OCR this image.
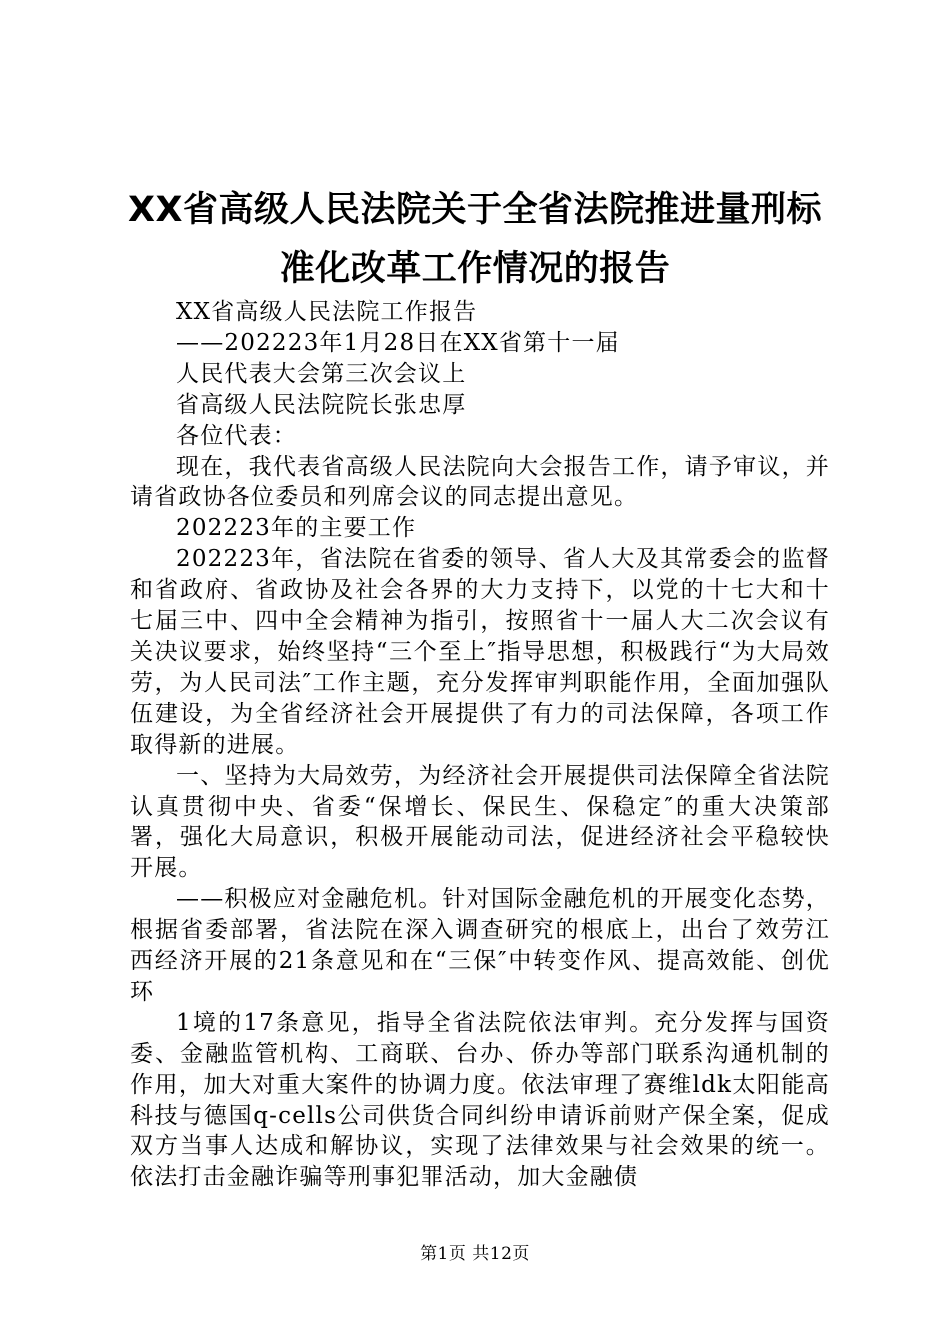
XX省高级人民法院关于全省法院推进量刑标
准化改革工作情况的报告

XX省高级人民法院工作报告

——202223年1月28日在XX省第十一届

人民代表大会第三次会议上

省高级人民法院院长张忠厚

各位代表：

现在，我代表省高级人民法院向大会报告工作，请予审议，并请省政协各位委员和列席会议的同志提出意见。

202223年的主要工作

202223年，省法院在省委的领导、省人大及其常委会的监督和省政府、省政协及社会各界的大力支持下，以党的十七大和十七届三中、四中全会精神为指引，按照省十一届人大二次会议有关决议要求，始终坚持“三个至上″指导思想，积极践行“为大局效劳，为人民司法″工作主题，充分发挥审判职能作用，全面加强队伍建设，为全省经济社会开展提供了有力的司法保障，各项工作取得新的进展。

一、坚持为大局效劳，为经济社会开展提供司法保障全省法院认真贯彻中央、省委“保增长、保民生、保稳定″的重大决策部署，强化大局意识，积极开展能动司法，促进经济社会平稳较快开展。

——积极应对金融危机。针对国际金融危机的开展变化态势，根据省委部署，省法院在深入调查研究的根底上，出台了效劳江西经济开展的21条意见和在“三保″中转变作风、提高效能、创优环

1境的17条意见，指导全省法院依法审判。充分发挥与国资委、金融监管机构、工商联、台办、侨办等部门联系沟通机制的作用，加大对重大案件的协调力度。依法审理了赛维ldk太阳能高科技与德国q-cells公司供货合同纠纷申请诉前财产保全案，促成双方当事人达成和解协议，实现了法律效果与社会效果的统一。依法打击金融诈骗等刑事犯罪活动，加大金融债

第1页 共12页
